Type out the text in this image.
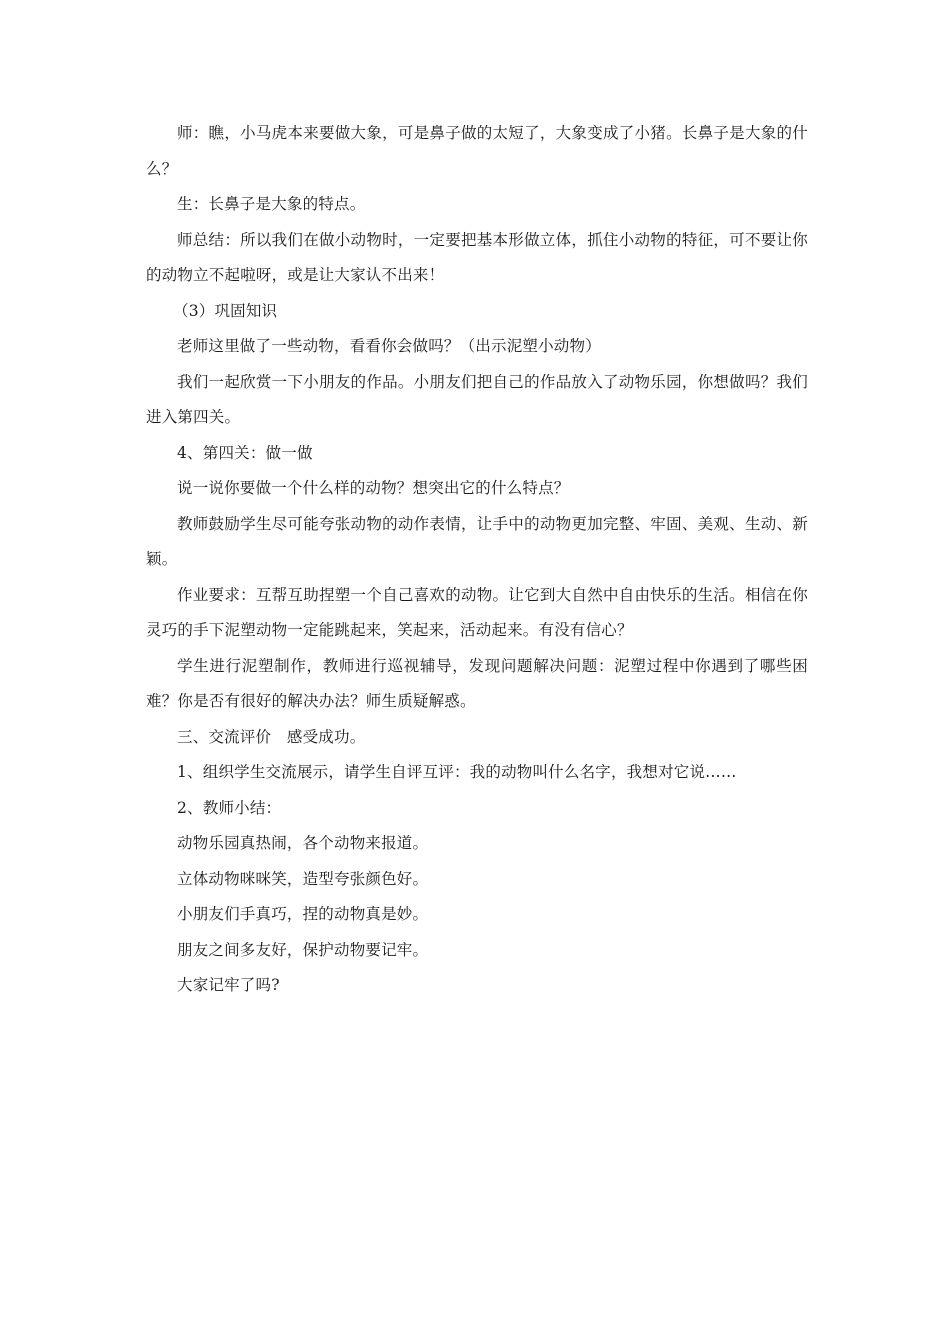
师：瞧，小马虎本来要做大象，可是鼻子做的太短了，大象变成了小猪。长鼻子是大象的什么？

生：长鼻子是大象的特点。

师总结：所以我们在做小动物时，一定要把基本形做立体，抓住小动物的特征，可不要让你的动物立不起啦呀，或是让大家认不出来！

（3）巩固知识

老师这里做了一些动物，看看你会做吗？（出示泥塑小动物）

我们一起欣赏一下小朋友的作品。小朋友们把自己的作品放入了动物乐园，你想做吗？我们进入第四关。

4、第四关：做一做

说一说你要做一个什么样的动物？想突出它的什么特点？

教师鼓励学生尽可能夸张动物的动作表情，让手中的动物更加完整、牢固、美观、生动、新颖。

作业要求：互帮互助捏塑一个自己喜欢的动物。让它到大自然中自由快乐的生活。相信在你灵巧的手下泥塑动物一定能跳起来，笑起来，活动起来。有没有信心？

学生进行泥塑制作，教师进行巡视辅导，发现问题解决问题：泥塑过程中你遇到了哪些困难？你是否有很好的解决办法？师生质疑解惑。

三、交流评价　感受成功。

1、组织学生交流展示，请学生自评互评：我的动物叫什么名字，我想对它说……

2、教师小结：

动物乐园真热闹，各个动物来报道。

立体动物咪咪笑，造型夸张颜色好。

小朋友们手真巧，捏的动物真是妙。

朋友之间多友好，保护动物要记牢。

大家记牢了吗?
